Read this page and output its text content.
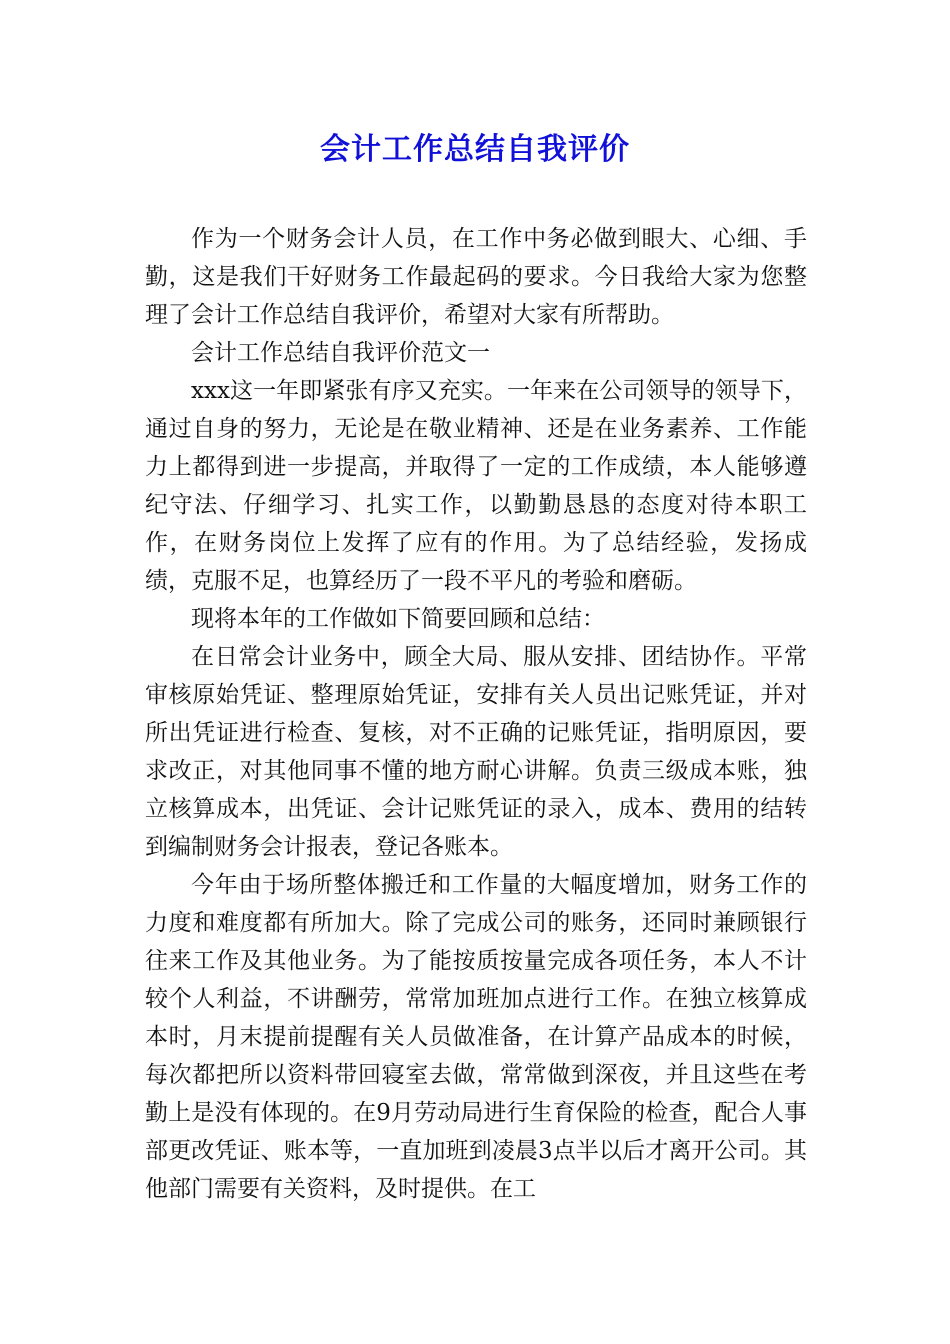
会计工作总结自我评价

作为一个财务会计人员，在工作中务必做到眼大、心细、手勤，这是我们干好财务工作最起码的要求。今日我给大家为您整理了会计工作总结自我评价，希望对大家有所帮助。

会计工作总结自我评价范文一

xxx这一年即紧张有序又充实。一年来在公司领导的领导下，通过自身的努力，无论是在敬业精神、还是在业务素养、工作能力上都得到进一步提高，并取得了一定的工作成绩，本人能够遵纪守法、仔细学习、扎实工作，以勤勤恳恳的态度对待本职工作，在财务岗位上发挥了应有的作用。为了总结经验，发扬成绩，克服不足，也算经历了一段不平凡的考验和磨砺。

现将本年的工作做如下简要回顾和总结：

在日常会计业务中，顾全大局、服从安排、团结协作。平常审核原始凭证、整理原始凭证，安排有关人员出记账凭证，并对所出凭证进行检查、复核，对不正确的记账凭证，指明原因，要求改正，对其他同事不懂的地方耐心讲解。负责三级成本账，独立核算成本，出凭证、会计记账凭证的录入，成本、费用的结转到编制财务会计报表，登记各账本。

今年由于场所整体搬迁和工作量的大幅度增加，财务工作的力度和难度都有所加大。除了完成公司的账务，还同时兼顾银行往来工作及其他业务。为了能按质按量完成各项任务，本人不计较个人利益，不讲酬劳，常常加班加点进行工作。在独立核算成本时，月末提前提醒有关人员做准备，在计算产品成本的时候，每次都把所以资料带回寝室去做，常常做到深夜，并且这些在考勤上是没有体现的。在9月劳动局进行生育保险的检查，配合人事部更改凭证、账本等，一直加班到凌晨3点半以后才离开公司。其他部门需要有关资料，及时提供。在工
